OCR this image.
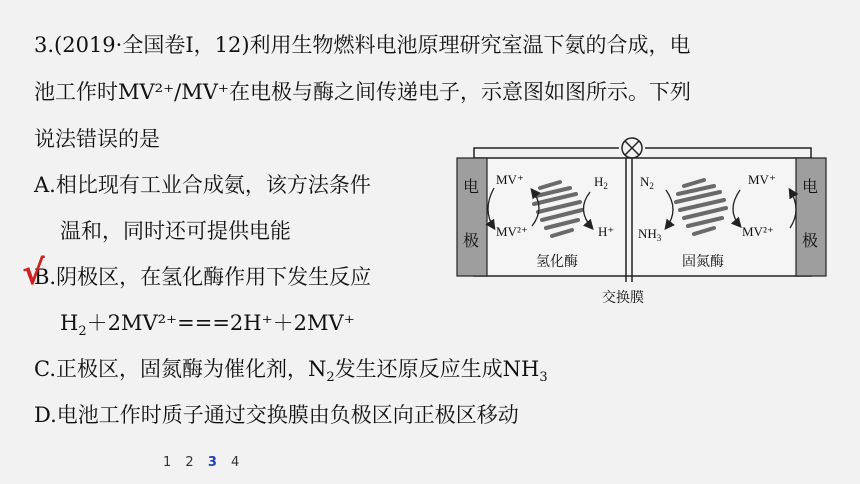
3.(2019·全国卷Ⅰ，12)利用生物燃料电池原理研究室温下氨的合成，电
池工作时MV²⁺/MV⁺在电极与酶之间传递电子，示意图如图所示。下列
说法错误的是
A.相比现有工业合成氨，该方法条件
温和，同时还可提供电能
B.阴极区，在氢化酶作用下发生反应
$H_2+2MV^{2+}===2H^++2MV^+$
C.正极区，固氮酶为催化剂，$N_2$发生还原反应生成$NH_3$
D.电池工作时质子通过交换膜由负极区向正极区移动
√
电
极
电
极
交换膜
氢化酶	固氮酶
MV⁺
MV²⁺
$H_2$
H⁺
$N_2$
$NH_3$
MV⁺
MV²⁺
1 2 3 4
